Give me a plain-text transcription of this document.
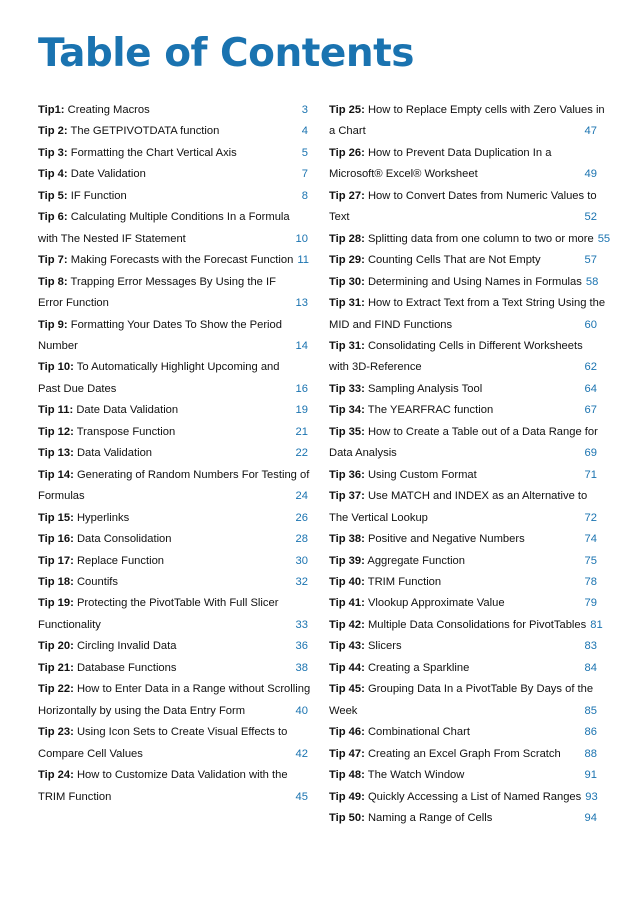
Table of Contents
Tip1: Creating Macros	3
Tip 2: The GETPIVOTDATA function	4
Tip 3: Formatting the Chart Vertical Axis	5
Tip 4: Date Validation	7
Tip 5: IF Function	8
Tip 6: Calculating Multiple Conditions In a Formula
with The Nested IF Statement	10
Tip 7: Making Forecasts with the Forecast Function 11
Tip 8: Trapping Error Messages By Using the IF
Error Function	13
Tip 9: Formatting Your Dates To Show the Period
Number	14
Tip 10: To Automatically Highlight Upcoming and
Past Due Dates	16
Tip 11: Date Data Validation	19
Tip 12: Transpose Function	21
Tip 13: Data Validation	22
Tip 14: Generating of Random Numbers For Testing of
Formulas	24
Tip 15: Hyperlinks	26
Tip 16: Data Consolidation	28
Tip 17: Replace Function	30
Tip 18: Countifs	32
Tip 19: Protecting the PivotTable With Full Slicer
Functionality	33
Tip 20: Circling Invalid Data	36
Tip 21: Database Functions	38
Tip 22: How to Enter Data in a Range without Scrolling
Horizontally by using the Data Entry Form	40
Tip 23: Using Icon Sets to Create Visual Effects to
Compare Cell Values	42
Tip 24: How to Customize Data Validation with the
TRIM Function	45
Tip 25: How to Replace Empty cells with Zero Values in
a Chart	47
Tip 26: How to Prevent Data Duplication In a
Microsoft® Excel® Worksheet	49
Tip 27: How to Convert Dates from Numeric Values to
Text	52
Tip 28: Splitting data from one column to two or more 55
Tip 29: Counting Cells That are Not Empty	57
Tip 30: Determining and Using Names in Formulas 58
Tip 31: How to Extract Text from a Text String Using the
MID and FIND Functions	60
Tip 31: Consolidating Cells in Different Worksheets
with 3D-Reference	62
Tip 33: Sampling Analysis Tool	64
Tip 34: The YEARFRAC function	67
Tip 35: How to Create a Table out of a Data Range for
Data Analysis	69
Tip 36: Using Custom Format	71
Tip 37: Use MATCH and INDEX as an Alternative to
The Vertical Lookup	72
Tip 38: Positive and Negative Numbers	74
Tip 39: Aggregate Function	75
Tip 40: TRIM Function	78
Tip 41: Vlookup Approximate Value	79
Tip 42: Multiple Data Consolidations for PivotTables 81
Tip 43: Slicers	83
Tip 44: Creating a Sparkline	84
Tip 45: Grouping Data In a PivotTable By Days of the
Week	85
Tip 46: Combinational Chart	86
Tip 47: Creating an Excel Graph From Scratch	88
Tip 48: The Watch Window	91
Tip 49: Quickly Accessing a List of Named Ranges 93
Tip 50: Naming a Range of Cells	94
